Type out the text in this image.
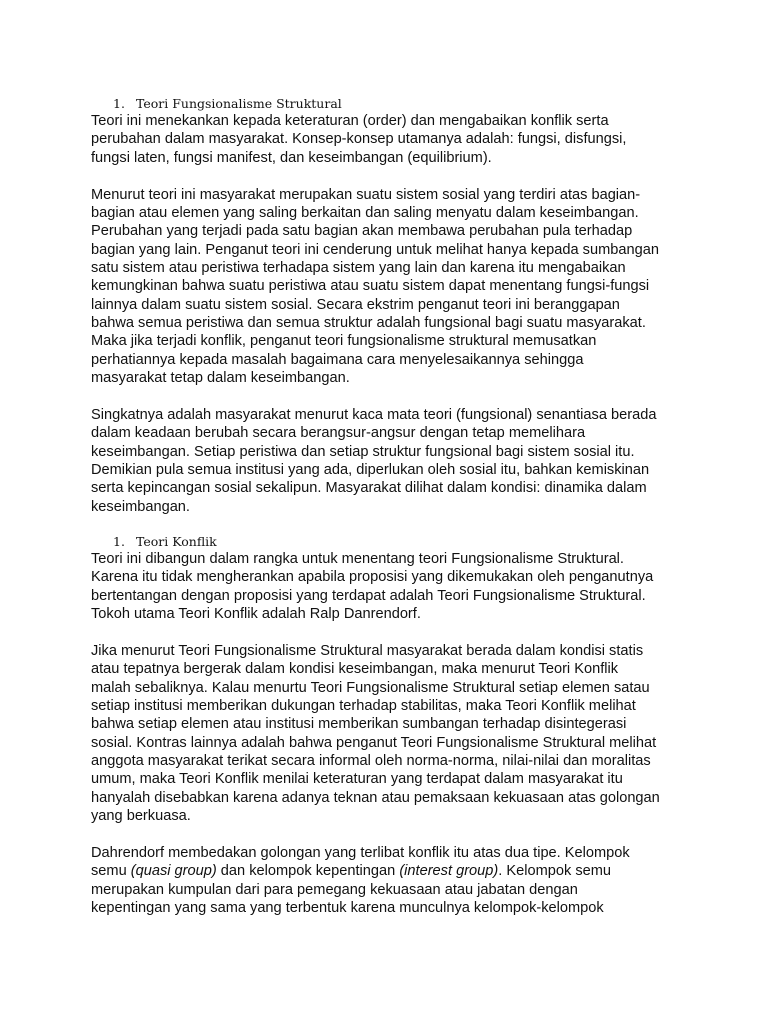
1. Teori Fungsionalisme Struktural

Teori ini menekankan kepada keteraturan (order) dan mengabaikan konflik serta
perubahan dalam masyarakat. Konsep-konsep utamanya adalah: fungsi, disfungsi,
fungsi laten, fungsi manifest, dan keseimbangan (equilibrium).

Menurut teori ini masyarakat merupakan suatu sistem sosial yang terdiri atas bagian-
bagian atau elemen yang saling berkaitan dan saling menyatu dalam keseimbangan.
Perubahan yang terjadi pada satu bagian akan membawa perubahan pula terhadap
bagian yang lain. Penganut teori ini cenderung untuk melihat hanya kepada sumbangan
satu sistem atau peristiwa terhadapa sistem yang lain dan karena itu mengabaikan
kemungkinan bahwa suatu peristiwa atau suatu sistem dapat menentang fungsi-fungsi
lainnya dalam suatu sistem sosial. Secara ekstrim penganut teori ini beranggapan
bahwa semua peristiwa dan semua struktur adalah fungsional bagi suatu masyarakat.
Maka jika terjadi konflik, penganut teori fungsionalisme struktural memusatkan
perhatiannya kepada masalah bagaimana cara menyelesaikannya sehingga
masyarakat tetap dalam keseimbangan.

Singkatnya adalah masyarakat menurut kaca mata teori (fungsional) senantiasa berada
dalam keadaan berubah secara berangsur-angsur dengan tetap memelihara
keseimbangan. Setiap peristiwa dan setiap struktur fungsional bagi sistem sosial itu.
Demikian pula semua institusi yang ada, diperlukan oleh sosial itu, bahkan kemiskinan
serta kepincangan sosial sekalipun. Masyarakat dilihat dalam kondisi: dinamika dalam
keseimbangan.

1. Teori Konflik

Teori ini dibangun dalam rangka untuk menentang teori Fungsionalisme Struktural.
Karena itu tidak mengherankan apabila proposisi yang dikemukakan oleh penganutnya
bertentangan dengan proposisi yang terdapat adalah Teori Fungsionalisme Struktural.
Tokoh utama Teori Konflik adalah Ralp Danrendorf.

Jika menurut Teori Fungsionalisme Struktural masyarakat berada dalam kondisi statis
atau tepatnya bergerak dalam kondisi keseimbangan, maka menurut Teori Konflik
malah sebaliknya. Kalau menurtu Teori Fungsionalisme Struktural setiap elemen satau
setiap institusi memberikan dukungan terhadap stabilitas, maka Teori Konflik melihat
bahwa setiap elemen atau institusi memberikan sumbangan terhadap disintegerasi
sosial. Kontras lainnya adalah bahwa penganut Teori Fungsionalisme Struktural melihat
anggota masyarakat terikat secara informal oleh norma-norma, nilai-nilai dan moralitas
umum, maka Teori Konflik menilai keteraturan yang terdapat dalam masyarakat itu
hanyalah disebabkan karena adanya teknan atau pemaksaan kekuasaan atas golongan
yang berkuasa.

Dahrendorf membedakan golongan yang terlibat konflik itu atas dua tipe. Kelompok
semu (quasi group) dan kelompok kepentingan (interest group). Kelompok semu
merupakan kumpulan dari para pemegang kekuasaan atau jabatan dengan
kepentingan yang sama yang terbentuk karena munculnya kelompok-kelompok
